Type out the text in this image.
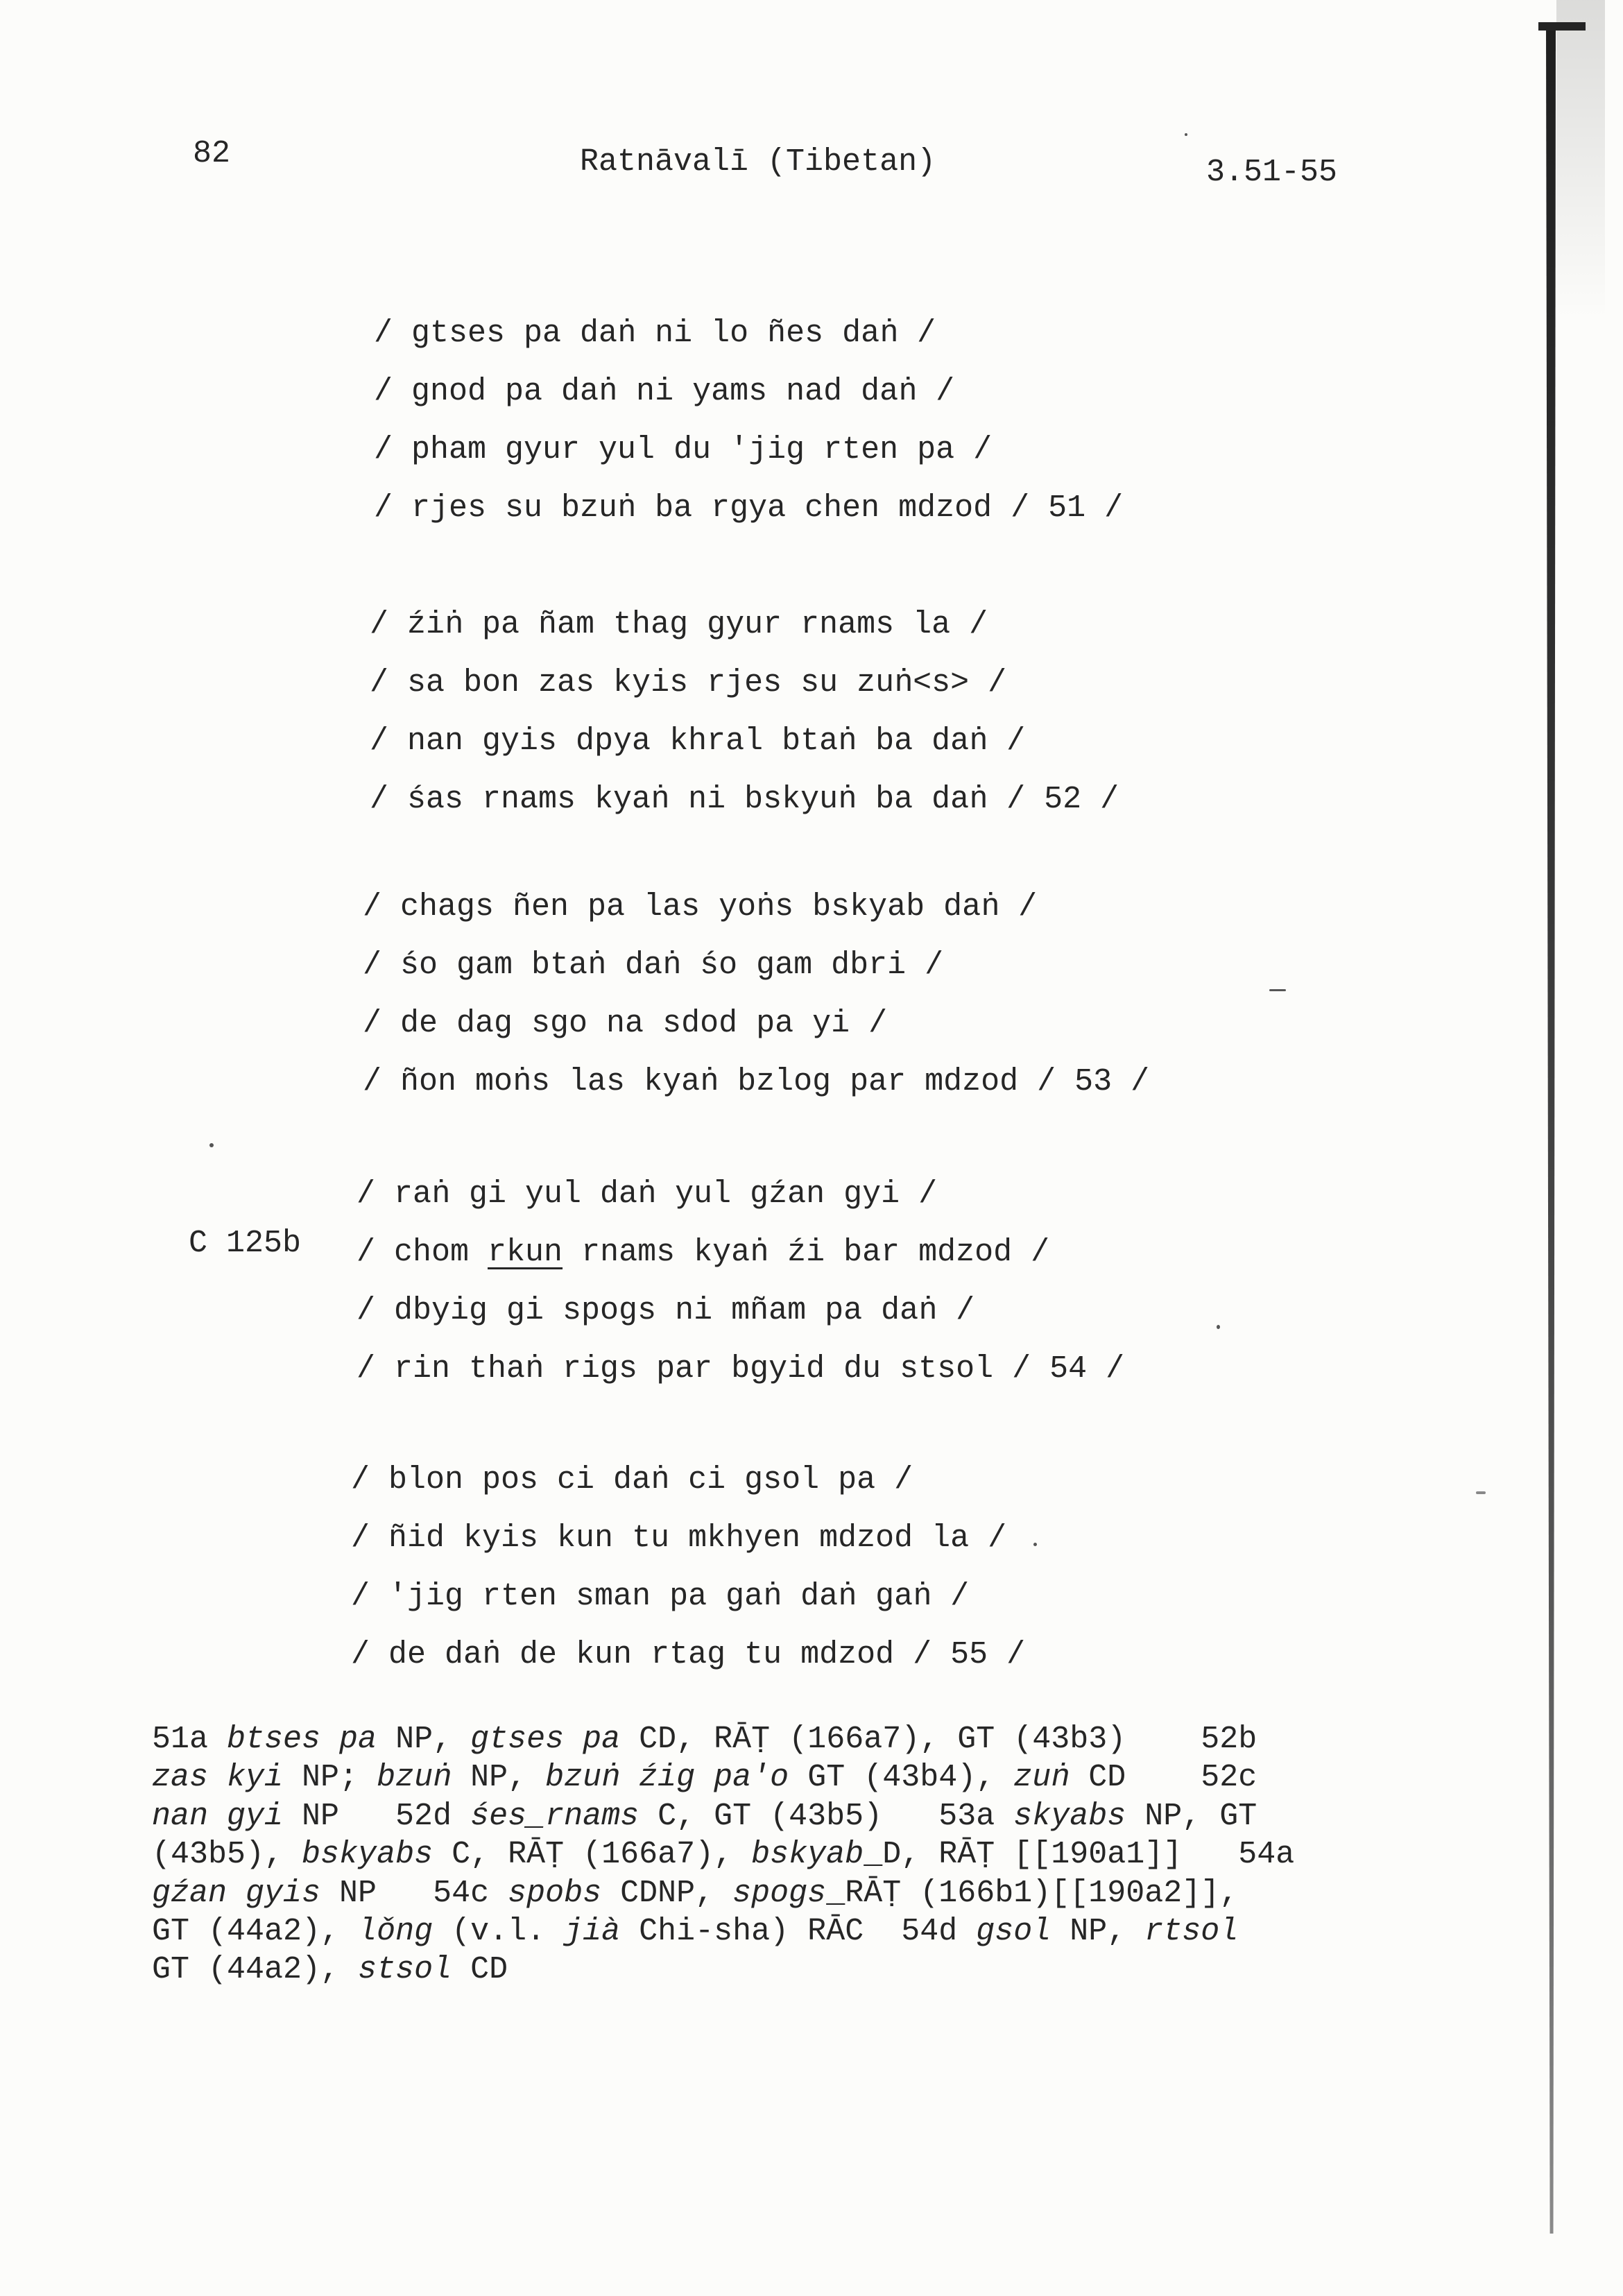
82	Ratnāvalī (Tibetan)	3.51-55
/ gtses pa daṅ ni lo ñes daṅ /
/ gnod pa daṅ ni yams nad daṅ /
/ pham gyur yul du 'jig rten pa /
/ rjes su bzuṅ ba rgya chen mdzod / 51 /
/ źiṅ pa ñam thag gyur rnams la /
/ sa bon zas kyis rjes su zuṅ<s> /
/ nan gyis dpya khral btaṅ ba daṅ /
/ śas rnams kyaṅ ni bskyuṅ ba daṅ / 52 /
/ chags ñen pa las yoṅs bskyab daṅ /
/ śo gam btaṅ daṅ śo gam dbri /
/ de dag sgo na sdod pa yi /
/ ñon moṅs las kyaṅ bzlog par mdzod / 53 /
/ raṅ gi yul daṅ yul gźan gyi /
/ chom rkun rnams kyaṅ źi bar mdzod /
/ dbyig gi spogs ni mñam pa daṅ /
/ rin thaṅ rigs par bgyid du stsol / 54 /
/ blon pos ci daṅ ci gsol pa /
/ ñid kyis kun tu mkhyen mdzod la /
/ 'jig rten sman pa gaṅ daṅ gaṅ /
/ de daṅ de kun rtag tu mdzod / 55 /
C 125b
51a btses pa NP, gtses pa CD, RĀṬ (166a7), GT (43b3)    52b
zas kyi NP; bzuṅ NP, bzuṅ źig pa'o GT (43b4), zuṅ CD    52c
nan gyi NP   52d śes_rnams C, GT (43b5)   53a skyabs NP, GT
(43b5), bskyabs C, RĀṬ (166a7), bskyab_D, RĀṬ [[190a1]]   54a
gźan gyis NP   54c spobs CDNP, spogs_RĀṬ (166b1)[[190a2]],
GT (44a2), lǒng (v.l. jià Chi-sha) RĀC  54d gsol NP, rtsol
GT (44a2), stsol CD
